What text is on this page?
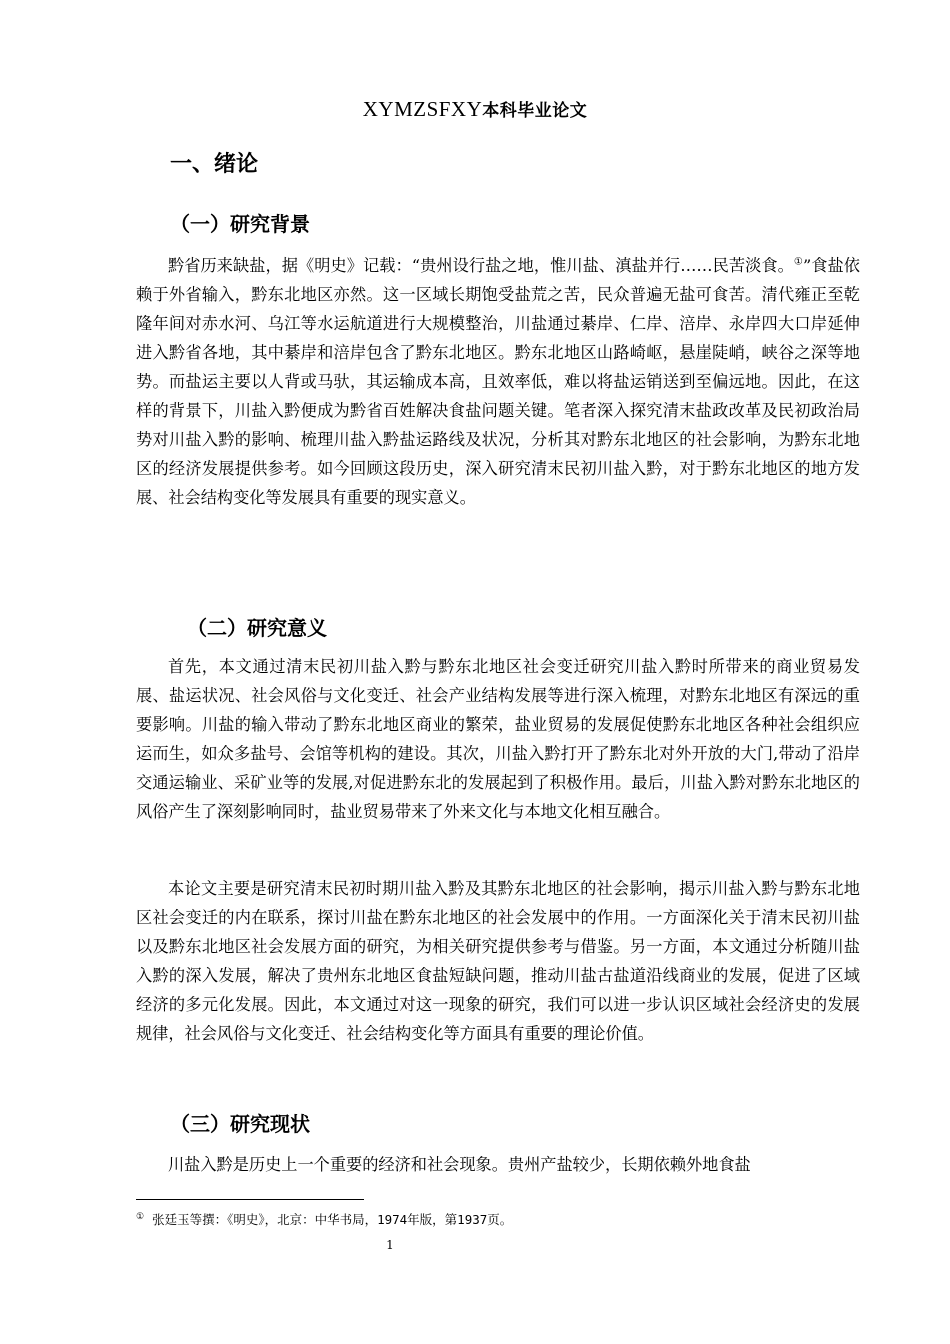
XYMZSFXY本科毕业论文
一、绪论
（一）研究背景

黔省历来缺盐，据《明史》记载：“贵州设行盐之地，惟川盐、滇盐并行……民苦淡食。①”食盐依赖于外省输入，黔东北地区亦然。这一区域长期饱受盐荒之苦，民众普遍无盐可食苦。清代雍正至乾隆年间对赤水河、乌江等水运航道进行大规模整治，川盐通过綦岸、仁岸、涪岸、永岸四大口岸延伸进入黔省各地，其中綦岸和涪岸包含了黔东北地区。黔东北地区山路崎岖，悬崖陡峭，峡谷之深等地势。而盐运主要以人背或马驮，其运输成本高，且效率低，难以将盐运销送到至偏远地。因此，在这样的背景下，川盐入黔便成为黔省百姓解决食盐问题关键。笔者深入探究清末盐政改革及民初政治局势对川盐入黔的影响、梳理川盐入黔盐运路线及状况，分析其对黔东北地区的社会影响，为黔东北地区的经济发展提供参考。如今回顾这段历史，深入研究清末民初川盐入黔，对于黔东北地区的地方发展、社会结构变化等发展具有重要的现实意义。

（二）研究意义

首先，本文通过清末民初川盐入黔与黔东北地区社会变迁研究川盐入黔时所带来的商业贸易发展、盐运状况、社会风俗与文化变迁、社会产业结构发展等进行深入梳理，对黔东北地区有深远的重要影响。川盐的输入带动了黔东北地区商业的繁荣，盐业贸易的发展促使黔东北地区各种社会组织应运而生，如众多盐号、会馆等机构的建设。其次，川盐入黔打开了黔东北对外开放的大门,带动了沿岸交通运输业、采矿业等的发展,对促进黔东北的发展起到了积极作用。最后，川盐入黔对黔东北地区的风俗产生了深刻影响同时，盐业贸易带来了外来文化与本地文化相互融合。

本论文主要是研究清末民初时期川盐入黔及其黔东北地区的社会影响，揭示川盐入黔与黔东北地区社会变迁的内在联系，探讨川盐在黔东北地区的社会发展中的作用。一方面深化关于清末民初川盐以及黔东北地区社会发展方面的研究，为相关研究提供参考与借鉴。另一方面，本文通过分析随川盐入黔的深入发展，解决了贵州东北地区食盐短缺问题，推动川盐古盐道沿线商业的发展，促进了区域经济的多元化发展。因此，本文通过对这一现象的研究，我们可以进一步认识区域社会经济史的发展规律，社会风俗与文化变迁、社会结构变化等方面具有重要的理论价值。

（三）研究现状

川盐入黔是历史上一个重要的经济和社会现象。贵州产盐较少，长期依赖外地食盐

① 张廷玉等撰：《明史》，北京：中华书局，1974年版，第1937页。
1
